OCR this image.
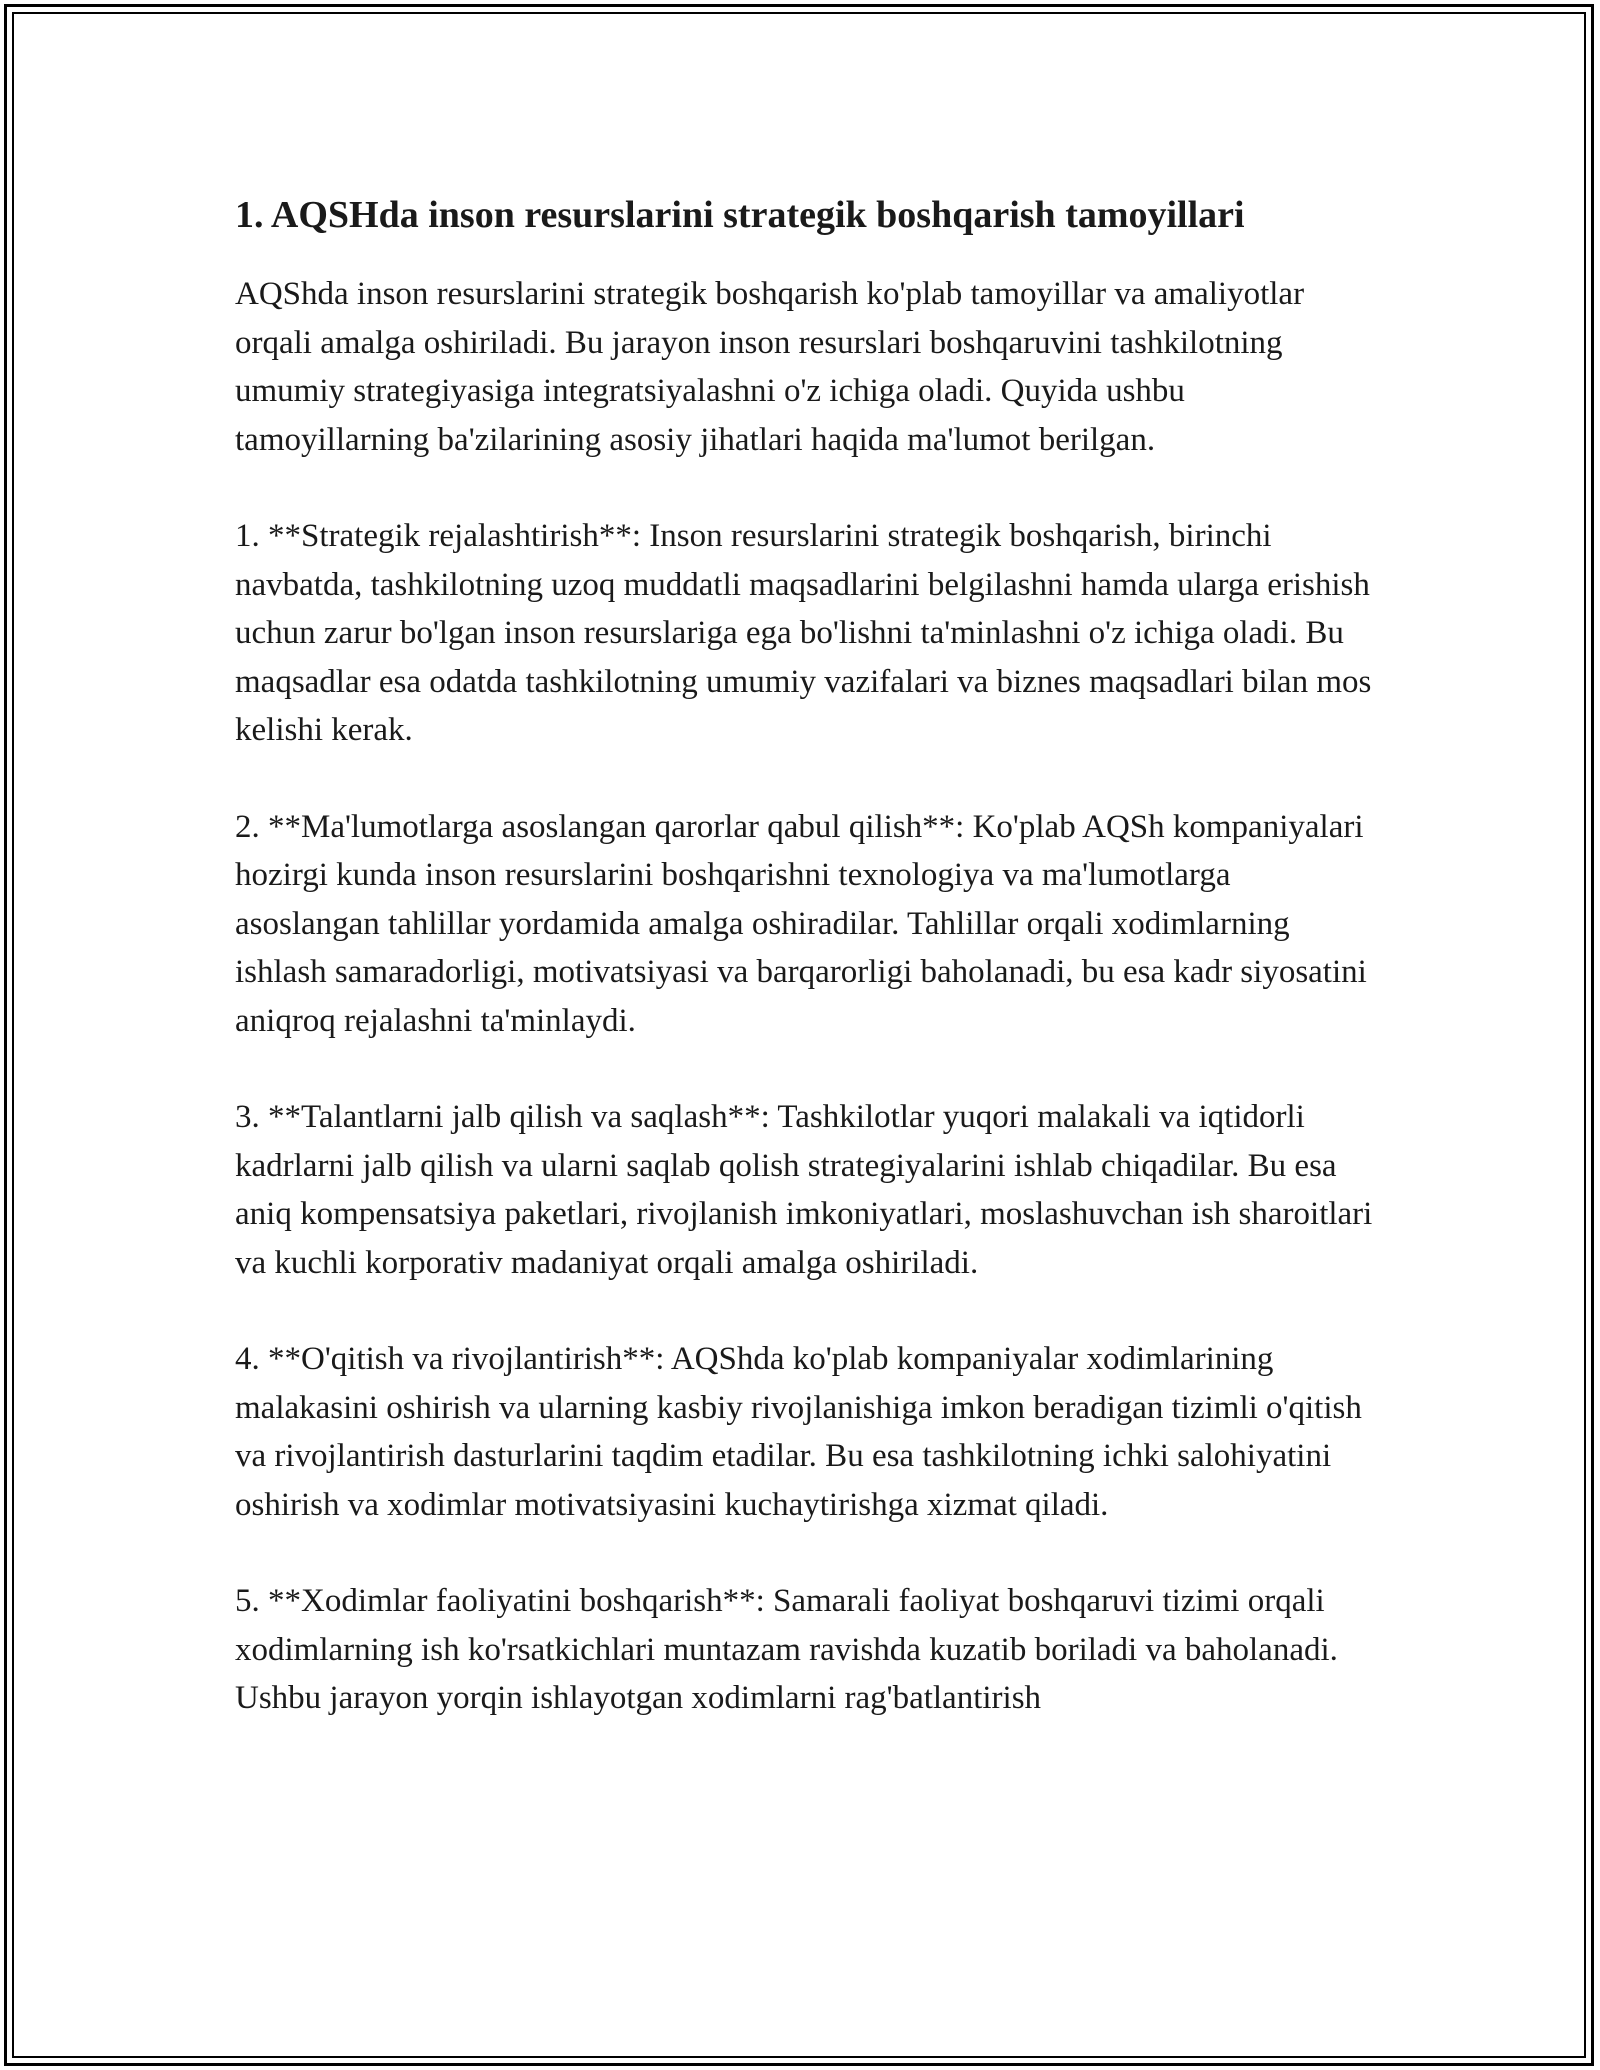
1. AQSHda inson resurslarini strategik boshqarish tamoyillari

AQShda inson resurslarini strategik boshqarish ko'plab tamoyillar va amaliyotlar orqali amalga oshiriladi. Bu jarayon inson resurslari boshqaruvini tashkilotning umumiy strategiyasiga integratsiyalashni o'z ichiga oladi. Quyida ushbu tamoyillarning ba'zilarining asosiy jihatlari haqida ma'lumot berilgan.

1. **Strategik rejalashtirish**: Inson resurslarini strategik boshqarish, birinchi navbatda, tashkilotning uzoq muddatli maqsadlarini belgilashni hamda ularga erishish uchun zarur bo'lgan inson resurslariga ega bo'lishni ta'minlashni o'z ichiga oladi. Bu maqsadlar esa odatda tashkilotning umumiy vazifalari va biznes maqsadlari bilan mos kelishi kerak.

2. **Ma'lumotlarga asoslangan qarorlar qabul qilish**: Ko'plab AQSh kompaniyalari hozirgi kunda inson resurslarini boshqarishni texnologiya va ma'lumotlarga asoslangan tahlillar yordamida amalga oshiradilar. Tahlillar orqali xodimlarning ishlash samaradorligi, motivatsiyasi va barqarorligi baholanadi, bu esa kadr siyosatini aniqroq rejalashni ta'minlaydi.

3. **Talantlarni jalb qilish va saqlash**: Tashkilotlar yuqori malakali va iqtidorli kadrlarni jalb qilish va ularni saqlab qolish strategiyalarini ishlab chiqadilar. Bu esa aniq kompensatsiya paketlari, rivojlanish imkoniyatlari, moslashuvchan ish sharoitlari va kuchli korporativ madaniyat orqali amalga oshiriladi.

4. **O'qitish va rivojlantirish**: AQShda ko'plab kompaniyalar xodimlarining malakasini oshirish va ularning kasbiy rivojlanishiga imkon beradigan tizimli o'qitish va rivojlantirish dasturlarini taqdim etadilar. Bu esa tashkilotning ichki salohiyatini oshirish va xodimlar motivatsiyasini kuchaytirishga xizmat qiladi.

5. **Xodimlar faoliyatini boshqarish**: Samarali faoliyat boshqaruvi tizimi orqali xodimlarning ish ko'rsatkichlari muntazam ravishda kuzatib boriladi va baholanadi. Ushbu jarayon yorqin ishlayotgan xodimlarni rag'batlantirish
